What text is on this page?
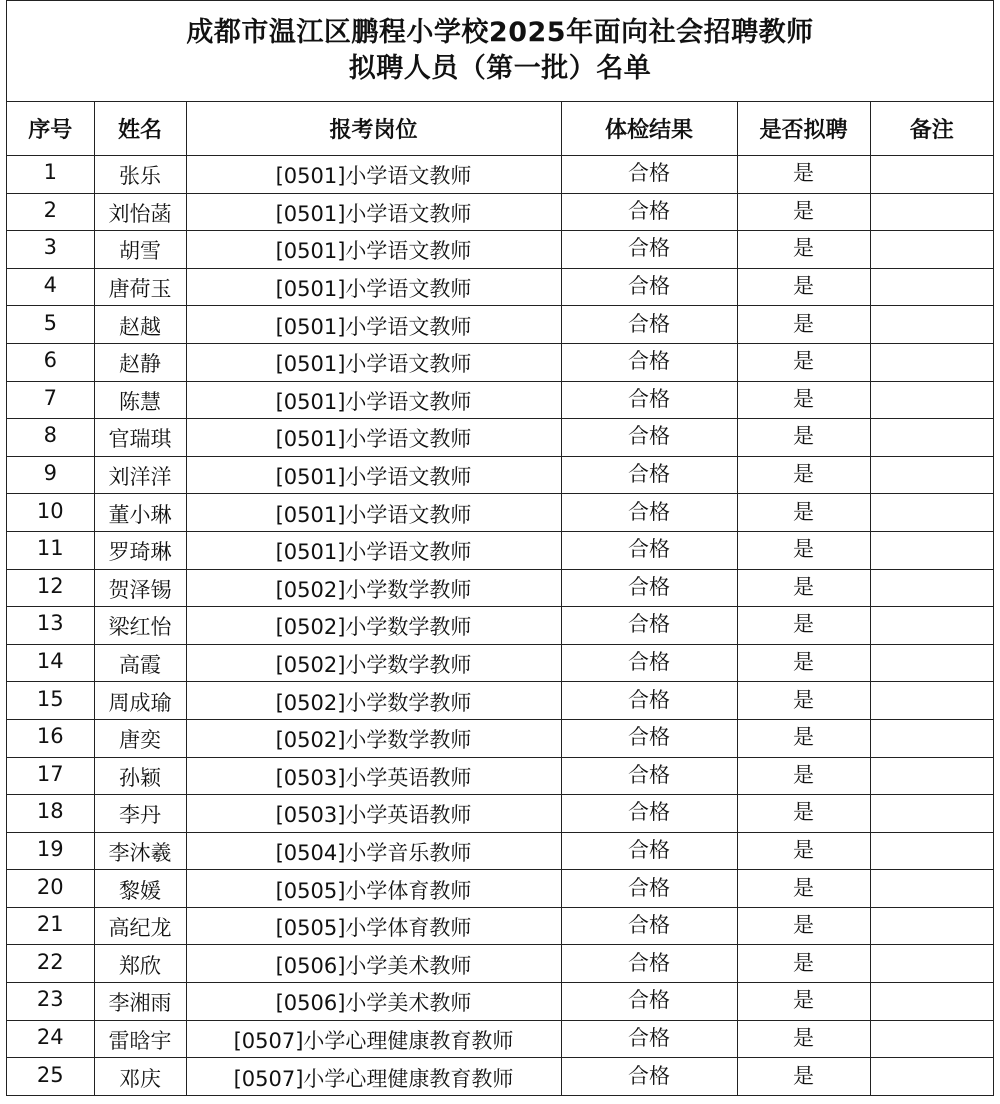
成都市温江区鹏程小学校2025年面向社会招聘教师
拟聘人员（第一批）名单
序号	姓名	报考岗位	体检结果	是否拟聘	备注
1	张乐	[0501]小学语文教师	合格	是	
2	刘怡菡	[0501]小学语文教师	合格	是	
3	胡雪	[0501]小学语文教师	合格	是	
4	唐荷玉	[0501]小学语文教师	合格	是	
5	赵越	[0501]小学语文教师	合格	是	
6	赵静	[0501]小学语文教师	合格	是	
7	陈慧	[0501]小学语文教师	合格	是	
8	官瑞琪	[0501]小学语文教师	合格	是	
9	刘洋洋	[0501]小学语文教师	合格	是	
10	董小琳	[0501]小学语文教师	合格	是	
11	罗琦琳	[0501]小学语文教师	合格	是	
12	贺泽锡	[0502]小学数学教师	合格	是	
13	梁红怡	[0502]小学数学教师	合格	是	
14	高霞	[0502]小学数学教师	合格	是	
15	周成瑜	[0502]小学数学教师	合格	是	
16	唐奕	[0502]小学数学教师	合格	是	
17	孙颖	[0503]小学英语教师	合格	是	
18	李丹	[0503]小学英语教师	合格	是	
19	李沐羲	[0504]小学音乐教师	合格	是	
20	黎媛	[0505]小学体育教师	合格	是	
21	高纪龙	[0505]小学体育教师	合格	是	
22	郑欣	[0506]小学美术教师	合格	是	
23	李湘雨	[0506]小学美术教师	合格	是	
24	雷晗宇	[0507]小学心理健康教育教师	合格	是	
25	邓庆	[0507]小学心理健康教育教师	合格	是	
